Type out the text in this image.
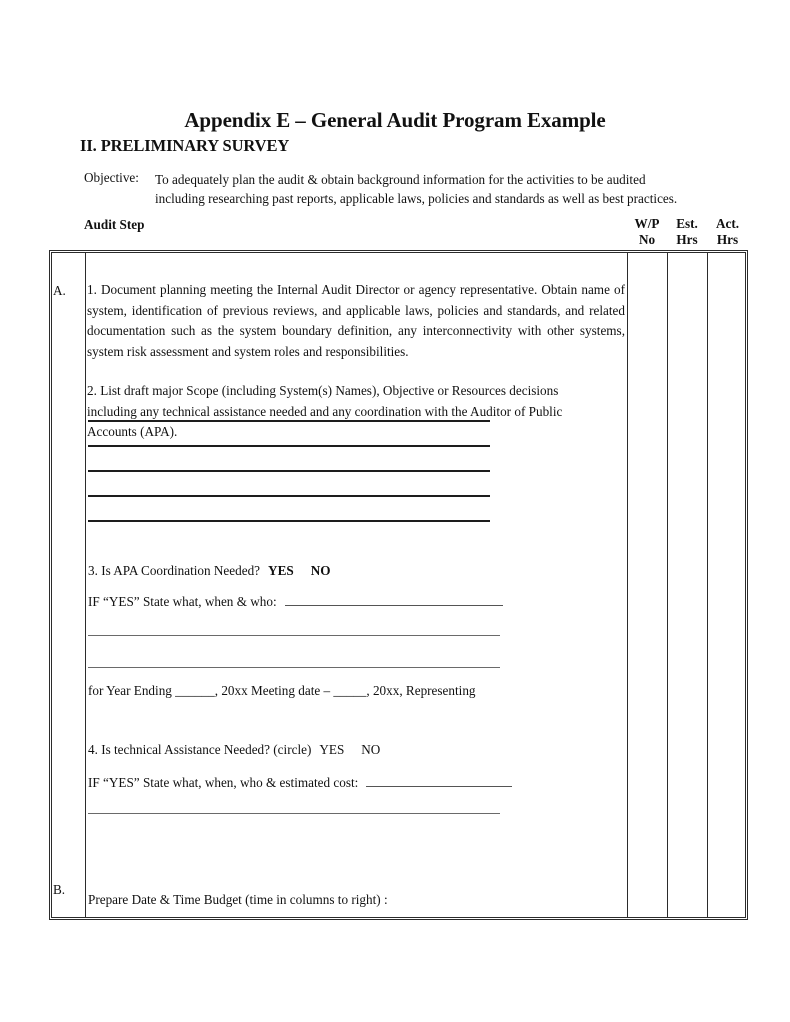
Appendix E – General Audit Program Example
II. PRELIMINARY SURVEY
Objective: To adequately plan the audit & obtain background information for the activities to be audited including researching past reports, applicable laws, policies and standards as well as best practices.
Audit Step	W/P
No
Est.
Hrs
Act.
Hrs
A.
B.

1. Document planning meeting the Internal Audit Director or agency representative. Obtain name of system, identification of previous reviews, and applicable laws, policies and standards, and related documentation such as the system boundary definition, any interconnectivity with other systems, system risk assessment and system roles and responsibilities.

2. List draft major Scope (including System(s) Names), Objective or Resources decisions including any technical assistance needed and any coordination with the Auditor of Public Accounts (APA).

3. Is APA Coordination Needed? YES NO
IF “YES” State what, when & who:
for Year Ending ______, 20xx Meeting date – _____, 20xx, Representing
4. Is technical Assistance Needed? (circle) YES NO
IF “YES” State what, when, who & estimated cost:
Prepare Date & Time Budget (time in columns to right) :
